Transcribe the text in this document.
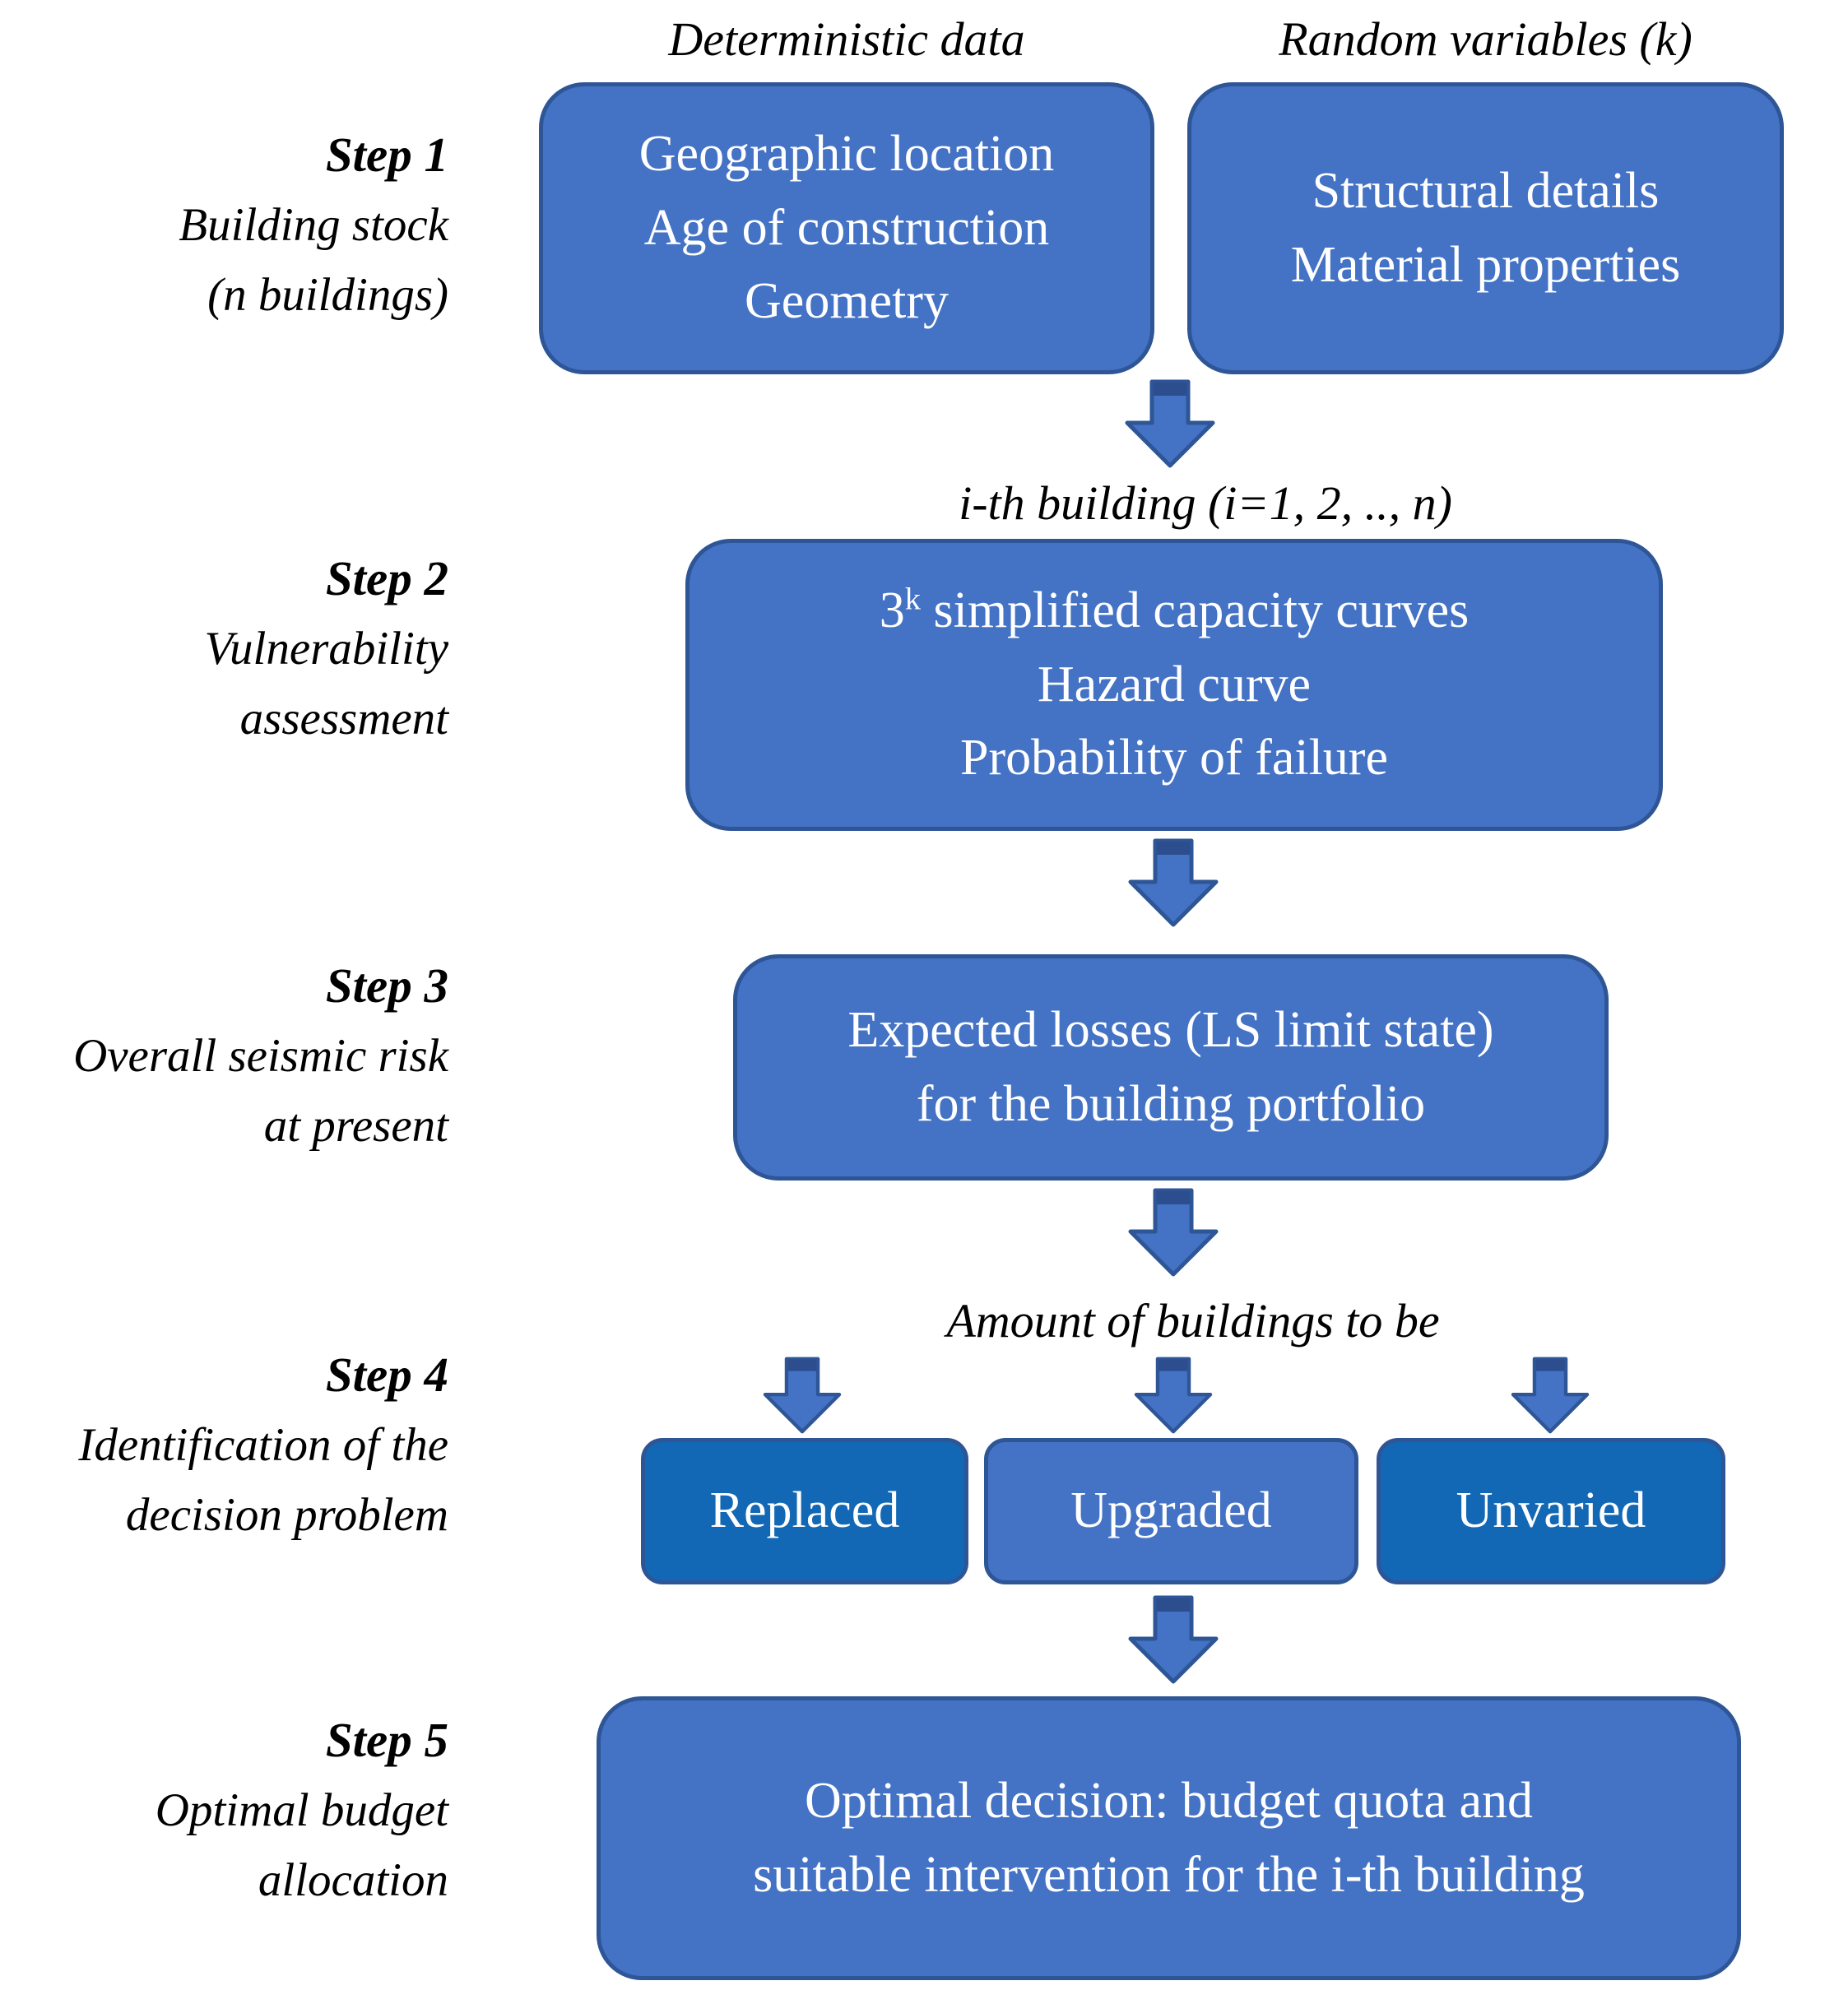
Deterministic data	Random variables (k)
Step 1
Building stock
(n buildings)
Step 2
Vulnerability
assessment
Step 3
Overall seismic risk
at present
Step 4
Identification of the
decision problem
Step 5
Optimal budget
allocation
Geographic location
Age of construction
Geometry
Structural details
Material properties
i-th building (i=1, 2, .., n)
3$^k$ simplified capacity curves
Hazard curve
Probability of failure
Expected losses (LS limit state)
for the building portfolio
Amount of buildings to be
Replaced	Upgraded	Unvaried
Optimal decision: budget quota and
suitable intervention for the i-th building
